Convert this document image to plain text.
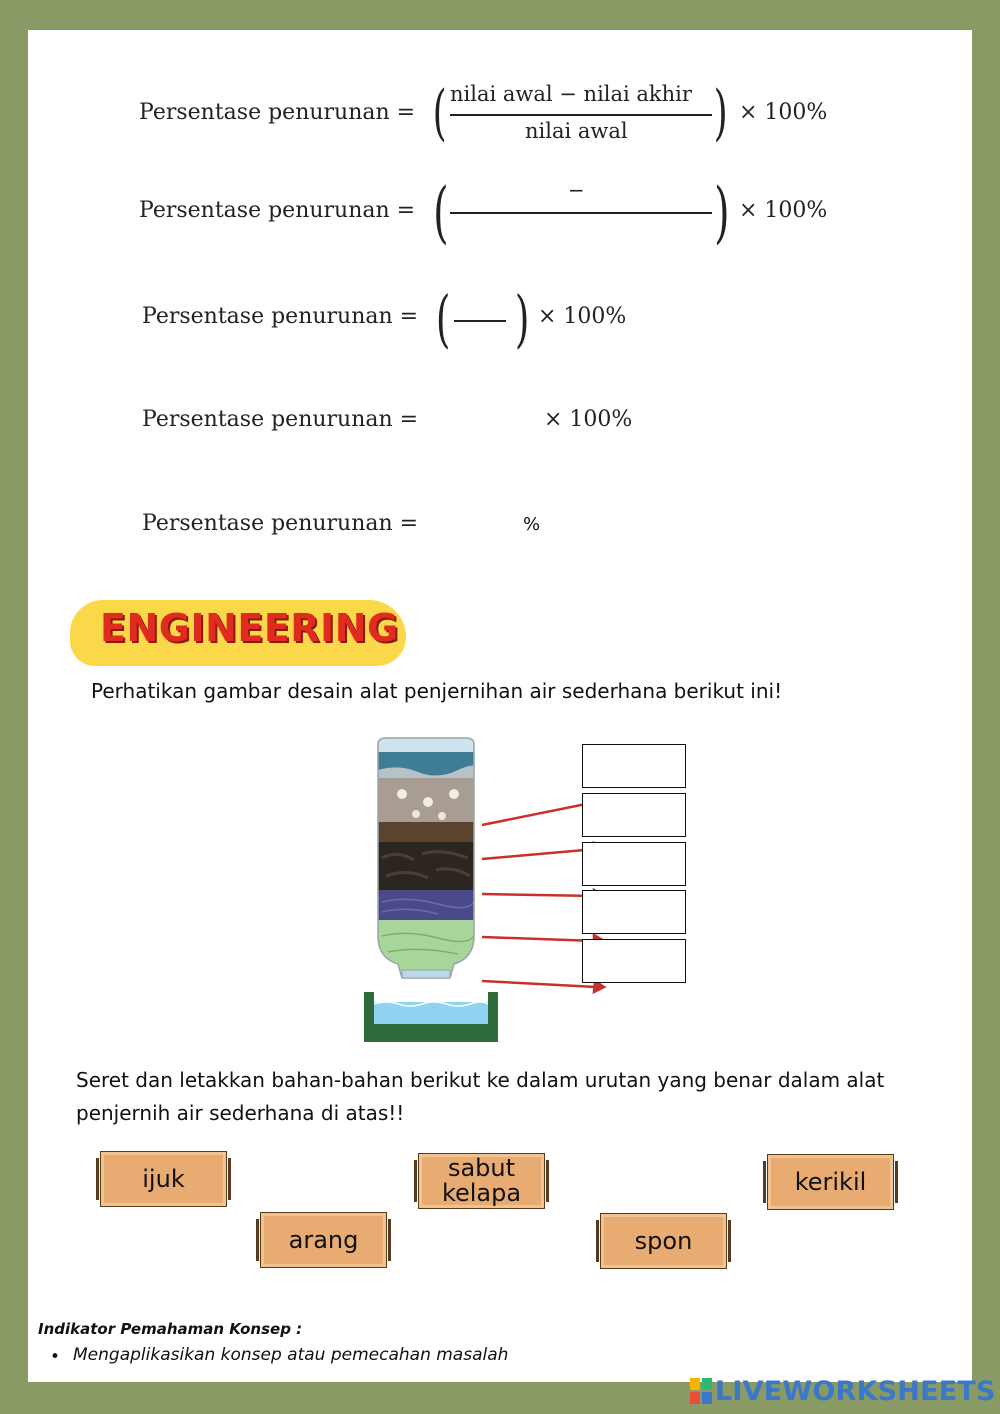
Persentase penurunan = ( nilai awal − nilai akhir
nilai awal ) × 100%
Persentase penurunan = (	− ) × 100%
Persentase penurunan = ( ) × 100%
Persentase penurunan =	× 100%
Persentase penurunan =	%
ENGINEERING
Perhatikan gambar desain alat penjernihan air sederhana berikut ini!
Seret dan letakkan bahan-bahan berikut ke dalam urutan yang benar dalam alat
penjernih air sederhana di atas!!
ijuk
arang
sabut
kelapa
spon
kerikil
Indikator Pemahaman Konsep :
• Mengaplikasikan konsep atau pemecahan masalah
LIVEWORKSHEETS
